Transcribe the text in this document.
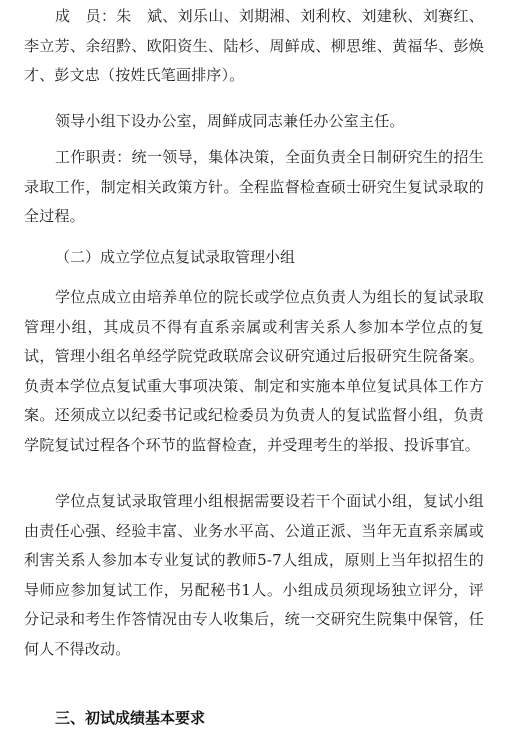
成　员：朱　斌、刘乐山、刘期湘、刘利枚、刘建秋、刘赛红、李立芳、余绍黔、欧阳资生、陆杉、周鲜成、柳思维、黄福华、彭焕才、彭文忠（按姓氏笔画排序）。

领导小组下设办公室，周鲜成同志兼任办公室主任。

工作职责：统一领导，集体决策，全面负责全日制研究生的招生录取工作，制定相关政策方针。全程监督检查硕士研究生复试录取的全过程。

（二）成立学位点复试录取管理小组

学位点成立由培养单位的院长或学位点负责人为组长的复试录取管理小组，其成员不得有直系亲属或利害关系人参加本学位点的复试，管理小组名单经学院党政联席会议研究通过后报研究生院备案。负责本学位点复试重大事项决策、制定和实施本单位复试具体工作方案。还须成立以纪委书记或纪检委员为负责人的复试监督小组，负责学院复试过程各个环节的监督检查，并受理考生的举报、投诉事宜。

学位点复试录取管理小组根据需要设若干个面试小组，复试小组由责任心强、经验丰富、业务水平高、公道正派、当年无直系亲属或利害关系人参加本专业复试的教师5-7人组成，原则上当年拟招生的导师应参加复试工作，另配秘书1人。小组成员须现场独立评分，评分记录和考生作答情况由专人收集后，统一交研究生院集中保管，任何人不得改动。

三、初试成绩基本要求
